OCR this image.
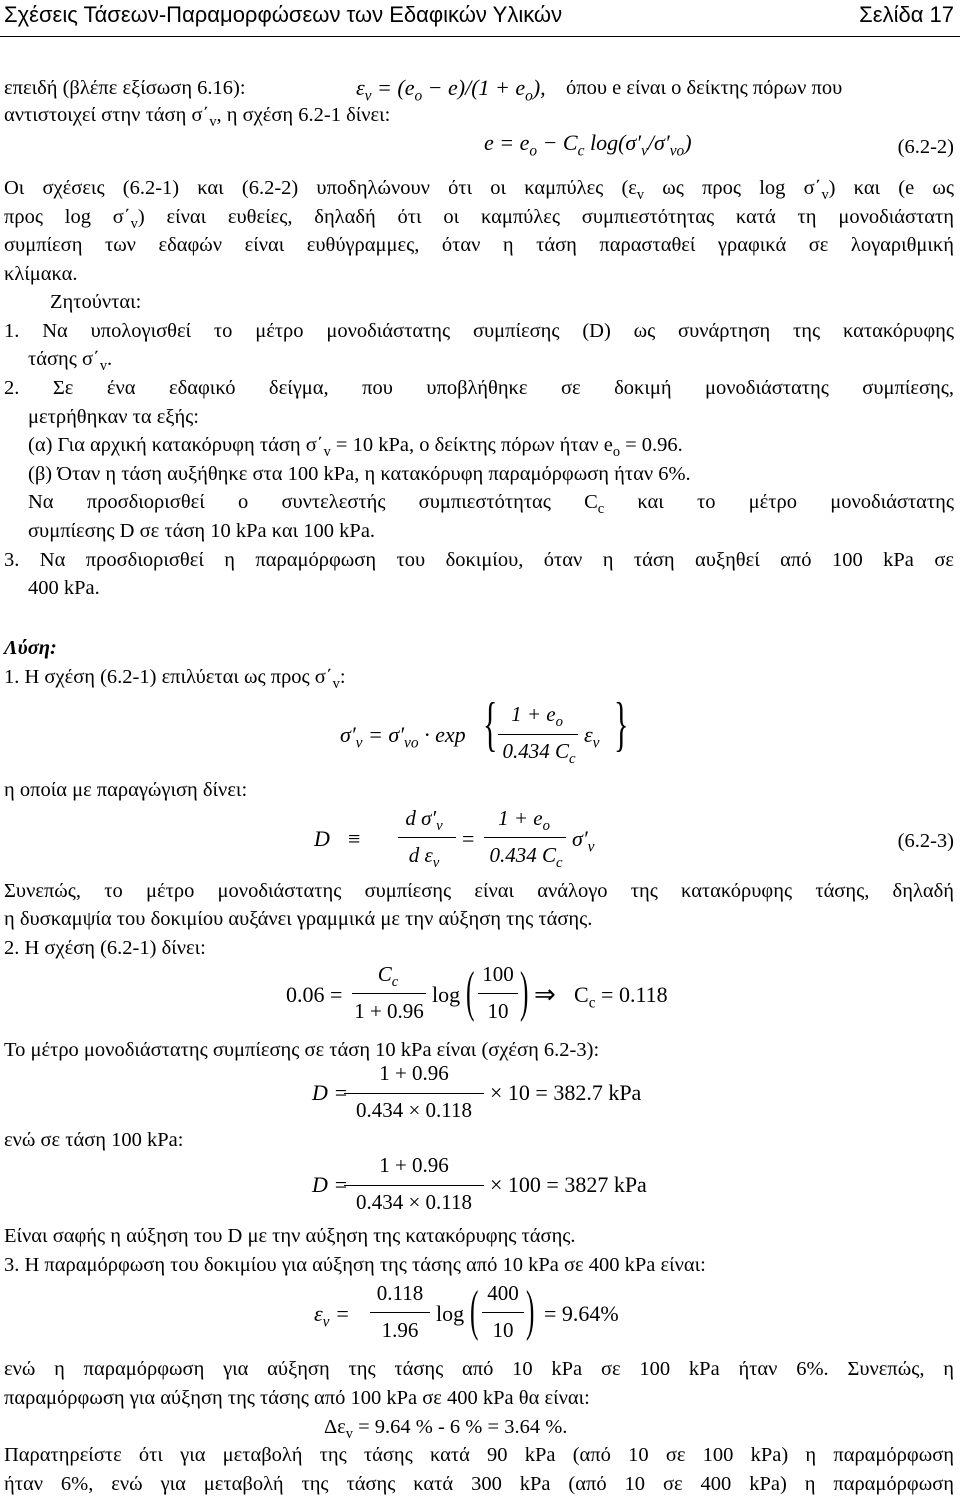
Σχέσεις Τάσεων-Παραμορφώσεων των Εδαφικών Υλικών	Σελίδα 17
επειδή (βλέπε εξίσωση 6.16):	$\varepsilon_v = (e_o - e)/(1 + e_o)$, όπου e είναι ο δείκτης πόρων που
αντιστοιχεί στην τάση $\sigma΄_v$, η σχέση 6.2-1 δίνει:
$e = e_o - C_c$ $\log(\sigma'_v/\sigma'_{vo})$	(6.2-2)
Οι σχέσεις (6.2-1) και (6.2-2) υποδηλώνουν ότι οι καμπύλες ($\varepsilon_v$ ως προς $\log \sigma΄_v$) και (e ως
προς $\log \sigma΄_v$) είναι ευθείες, δηλαδή ότι οι καμπύλες συμπιεστότητας κατά τη μονοδιάστατη
συμπίεση των εδαφών είναι ευθύγραμμες, όταν η τάση παρασταθεί γραφικά σε λογαριθμική
κλίμακα.
Ζητούνται:
1. Να υπολογισθεί το μέτρο μονοδιάστατης συμπίεσης (D) ως συνάρτηση της κατακόρυφης
τάσης $\sigma΄_v$.
2. Σε ένα εδαφικό δείγμα, που υποβλήθηκε σε δοκιμή μονοδιάστατης συμπίεσης,
μετρήθηκαν τα εξής:
(α) Για αρχική κατακόρυφη τάση $\sigma΄_v = 10$ kPa, ο δείκτης πόρων ήταν $e_o = 0.96$.
(β) Όταν η τάση αυξήθηκε στα 100 kPa, η κατακόρυφη παραμόρφωση ήταν 6%.
Να προσδιορισθεί ο συντελεστής συμπιεστότητας $C_c$ και το μέτρο μονοδιάστατης
συμπίεσης D σε τάση 10 kPa και 100 kPa.
3. Να προσδιορισθεί η παραμόρφωση του δοκιμίου, όταν η τάση αυξηθεί από 100 kPa σε
400 kPa.
Λύση:
1. Η σχέση (6.2-1) επιλύεται ως προς $\sigma΄_v$:
$\sigma'_v = \sigma'_{vo} \cdot \exp$ { $1 + e_o$
0.434 $C_c$
$\varepsilon_v$ }
η οποία με παραγώγιση δίνει:
D ≡
d $\sigma'_v$
d $\varepsilon_v$
=
$1 + e_o$
0.434 $C_c$
$\sigma'_v$	(6.2-3)
Συνεπώς, το μέτρο μονοδιάστατης συμπίεσης είναι ανάλογο της κατακόρυφης τάσης, δηλαδή
η δυσκαμψία του δοκιμίου αυξάνει γραμμικά με την αύξηση της τάσης.
2. Η σχέση (6.2-1) δίνει:
0.06 =
$C_c$
1 + 0.96
log ( 100
10 ) ⇒ $C_c = 0.118$
Το μέτρο μονοδιάστατης συμπίεσης σε τάση 10 kPa είναι (σχέση 6.2-3):
D =
1 + 0.96
0.434 × 0.118
× 10 = 382.7 kPa
ενώ σε τάση 100 kPa:
D =
1 + 0.96
0.434 × 0.118
× 100 = 3827 kPa
Είναι σαφής η αύξηση του D με την αύξηση της κατακόρυφης τάσης.
3. Η παραμόρφωση του δοκιμίου για αύξηση της τάσης από 10 kPa σε 400 kPa είναι:
$\varepsilon_v$ =
0.118
1.96
log ( 400
10 ) = 9.64%
ενώ η παραμόρφωση για αύξηση της τάσης από 10 kPa σε 100 kPa ήταν 6%. Συνεπώς, η
παραμόρφωση για αύξηση της τάσης από 100 kPa σε 400 kPa θα είναι:
$\Delta\varepsilon_v = 9.64$ % - 6 % = 3.64 %.
Παρατηρείστε ότι για μεταβολή της τάσης κατά 90 kPa (από 10 σε 100 kPa) η παραμόρφωση
ήταν 6%, ενώ για μεταβολή της τάσης κατά 300 kPa (από 10 σε 400 kPa) η παραμόρφωση
